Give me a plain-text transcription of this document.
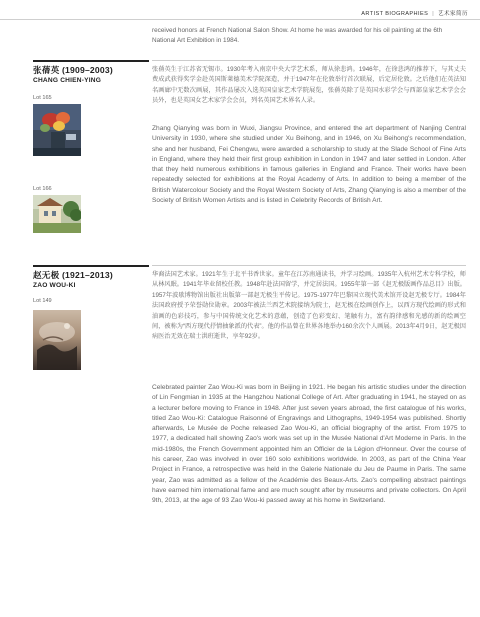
ARTIST BIOGRAPHIES | 艺术家简历
received honors at French National Salon Show. At home he was awarded for his oil painting at the 6th National Art Exhibition in 1984.
张蒨英 (1909–2003)
CHANG CHIEN-YING
Lot 165
Lot 166
张蒨英生于江苏省无锡市。1930年考入南京中央大学艺术系，师从徐悲鸿。1946年，在徐悲鸿的推荐下，与其丈夫费成武获得奖学金赴英国斯莱德美术学院深造，并于1947年在伦敦举行首次联展，后定居伦敦。之后他们在英法知名画廊中无数次画展，其作品屡次入选英国皇家艺术学院展览，张蒨英除了是英国水彩学会与西部皇家艺术学会会员外，也是英国女艺术家学会会员，列名英国艺术界名人录。
Zhang Qianying was born in Wuxi, Jiangsu Province, and entered the art department of Nanjing Central University in 1930, where she studied under Xu Beihong, and in 1946, on Xu Beihong's recommendation, she and her husband, Fei Chengwu, were awarded a scholarship to study at the Slade School of Fine Arts in England, where they held their first group exhibition in London in 1947 and later settled in London. After that they held numerous exhibitions in famous galleries in England and France. Their works have been repeatedly selected for exhibitions at the Royal Academy of Arts. In addition to being a member of the British Watercolour Society and the Royal Western Society of Arts, Zhang Qianying is also a member of the Society of British Women Artists and is listed in Celebrity Records of British Art.
赵无极 (1921–2013)
ZAO WOU-KI
Lot 149
华裔法国艺术家。1921年生于北平书香世家。童年在江苏南通读书，并学习绘画。1935年入杭州艺术专科学校，师从林风眠。1941年毕业留校任教。1948年赴法国留学，并定居法国。1955年第一部《赵无极版画作品总目》出版。1957年波歇博物馆出版社出版第一部赵无极生平传记。1975-1977年巴黎国立现代美术馆开设赵无极专厅。1984年法国政府授予荣誉勋位勋章。2003年被法兰西艺术院接纳为院士，赵无极在绘画创作上，以西方现代绘画的形式和油画的色彩技巧，参与中国传统文化艺术的意蕴，创造了色彩变幻、笔触有力，富有韵律感和光感的新的绘画空间，被称为“西方现代抒情抽象派的代表”。他的作品曾在世界各地举办160余次个人画展。2013年4月9日，赵无极因病医治无效在瑞士洪班逝世，享年92岁。
Celebrated painter Zao Wou-Ki was born in Beijing in 1921. He began his artistic studies under the direction of Lin Fengmian in 1935 at the Hangzhou National College of Art. After graduating in 1941, he stayed on as a lecturer before moving to France in 1948. After just seven years abroad, the first catalogue of his works, titled Zao Wou-Ki: Catalogue Raisonné of Engravings and Lithographs, 1949-1954 was published. Shortly afterwards, Le Musée de Poche released Zao Wou-Ki, an official biography of the artist. From 1975 to 1977, a dedicated hall showing Zao's work was set up in the Musée National d'Art Moderne in Paris. In the mid-1980s, the French Government appointed him an Officier de la Légion d'Honneur. Over the course of his career, Zao was involved in over 160 solo exhibitions worldwide. In 2003, as part of the China Year Project in France, a retrospective was held in the Galerie Nationale du Jeu de Paume in Paris. The same year, Zao was admitted as a fellow of the Académie des Beaux-Arts. Zao's compelling abstract paintings have earned him international fame and are much sought after by museums and private collectors. On April 9th, 2013, at the age of 93 Zao Wou-ki passed away at his home in Switzerland.
